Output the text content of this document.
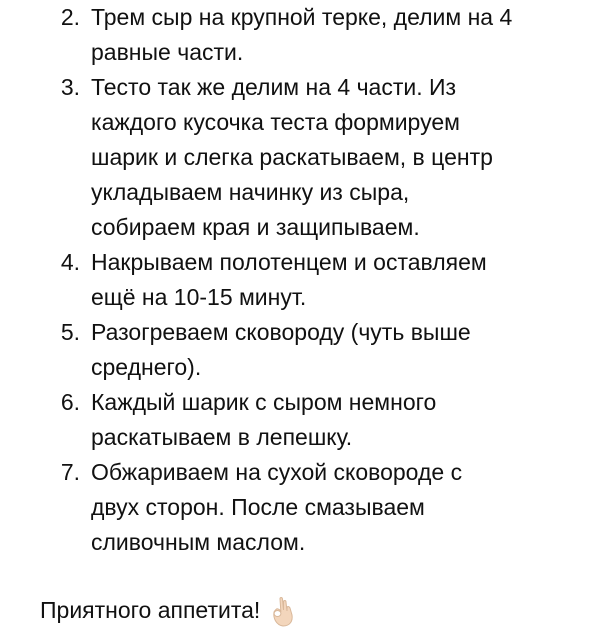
2. Трем сыр на крупной терке, делим на 4
равные части.
3. Тесто так же делим на 4 части. Из
каждого кусочка теста формируем
шарик и слегка раскатываем, в центр
укладываем начинку из сыра,
собираем края и защипываем.
4. Накрываем полотенцем и оставляем
ещё на 10-15 минут.
5. Разогреваем сковороду (чуть выше
среднего).
6. Каждый шарик с сыром немного
раскатываем в лепешку.
7. Обжариваем на сухой сковороде с
двух сторон. После смазываем
сливочным маслом.
Приятного аппетита!
